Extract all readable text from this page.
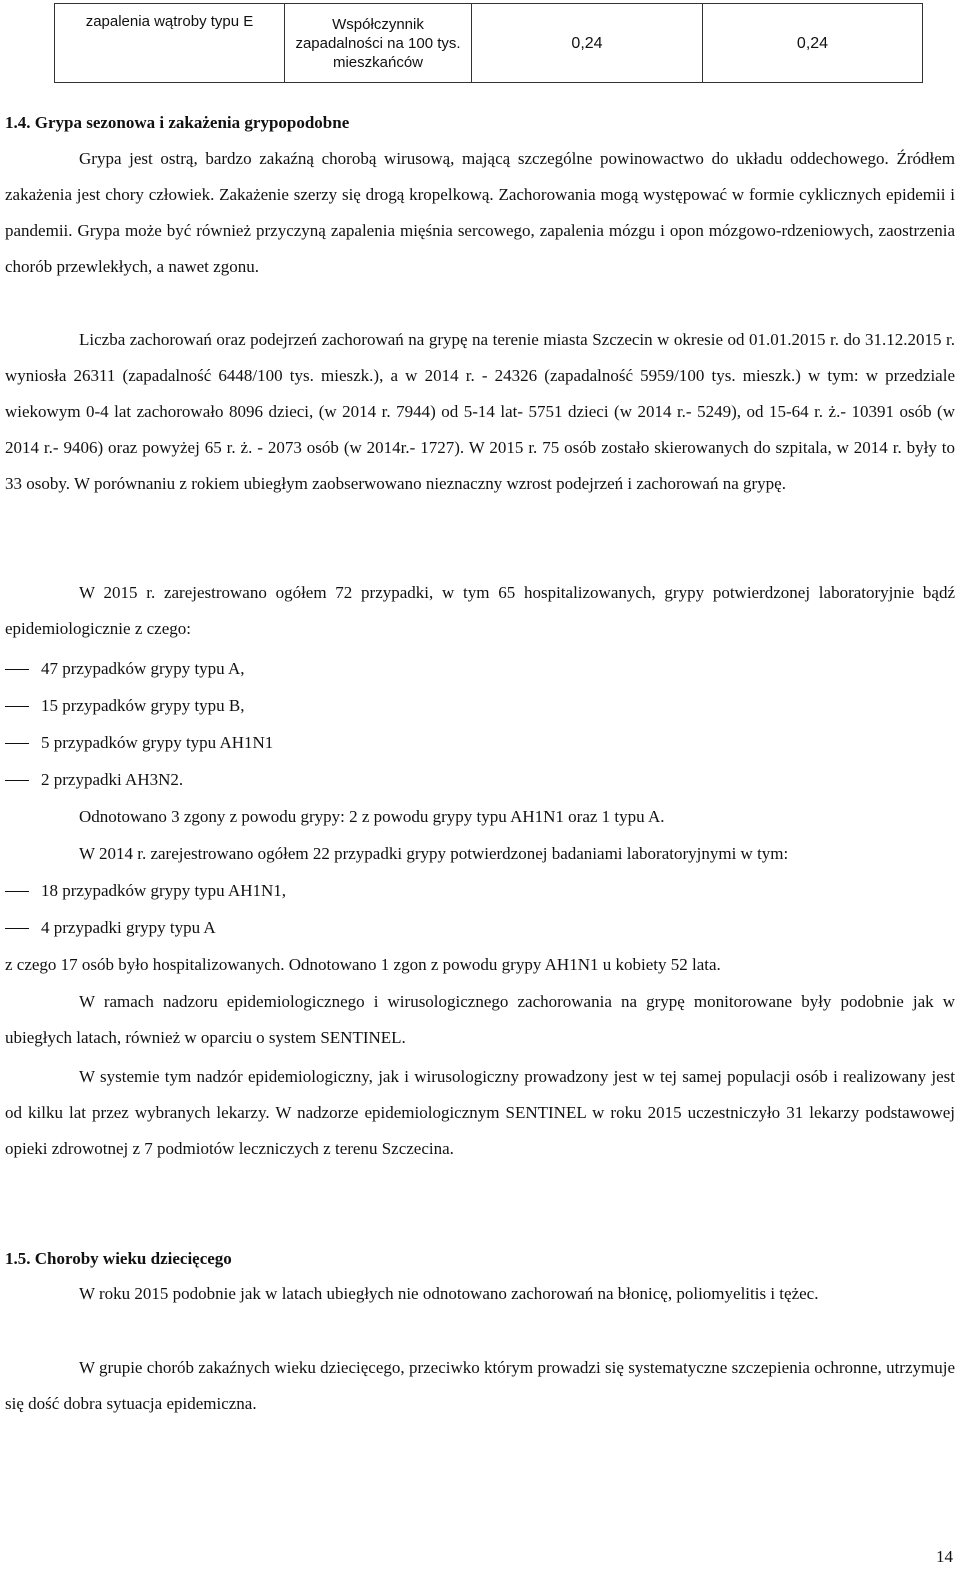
zapalenia wątroby typu E	Współczynnik
zapadalności na 100 tys.
mieszkańców	0,24	0,24
1.4. Grypa sezonowa i zakażenia grypopodobne

Grypa jest ostrą, bardzo zakaźną chorobą wirusową, mającą szczególne powinowactwo do układu oddechowego. Źródłem zakażenia jest chory człowiek. Zakażenie szerzy się drogą kropelkową. Zachorowania mogą występować w formie cyklicznych epidemii i pandemii. Grypa może być również przyczyną zapalenia mięśnia sercowego, zapalenia mózgu i opon mózgowo-rdzeniowych, zaostrzenia chorób przewlekłych, a nawet zgonu.

Liczba zachorowań oraz podejrzeń zachorowań na grypę na terenie miasta Szczecin w okresie od 01.01.2015 r. do 31.12.2015 r. wyniosła 26311 (zapadalność 6448/100 tys. mieszk.), a w 2014 r. - 24326 (zapadalność 5959/100 tys. mieszk.) w tym: w przedziale wiekowym 0-4 lat zachorowało 8096 dzieci, (w 2014 r. 7944) od 5-14 lat- 5751 dzieci (w 2014 r.- 5249), od 15-64 r. ż.- 10391 osób (w 2014 r.- 9406) oraz powyżej 65 r. ż. - 2073 osób (w 2014r.- 1727). W 2015 r. 75 osób zostało skierowanych do szpitala, w 2014 r. były to 33 osoby. W porównaniu z rokiem ubiegłym zaobserwowano nieznaczny wzrost podejrzeń i zachorowań na grypę.

W 2015 r. zarejestrowano ogółem 72 przypadki, w tym 65 hospitalizowanych, grypy potwierdzonej laboratoryjnie bądź epidemiologicznie z czego:

47 przypadków grypy typu A,
15 przypadków grypy typu B,
5 przypadków grypy typu AH1N1
2 przypadki AH3N2.
Odnotowano 3 zgony z powodu grypy: 2 z powodu grypy typu AH1N1 oraz 1 typu A.
W 2014 r. zarejestrowano ogółem 22 przypadki grypy potwierdzonej badaniami laboratoryjnymi w tym:
18 przypadków grypy typu AH1N1,
4 przypadki grypy typu A
z czego 17 osób było hospitalizowanych. Odnotowano 1 zgon z powodu grypy AH1N1 u kobiety 52 lata.

W ramach nadzoru epidemiologicznego i wirusologicznego zachorowania na grypę monitorowane były podobnie jak w ubiegłych latach, również w oparciu o system SENTINEL.

W systemie tym nadzór epidemiologiczny, jak i wirusologiczny prowadzony jest w tej samej populacji osób i realizowany jest od kilku lat przez wybranych lekarzy. W nadzorze epidemiologicznym SENTINEL w roku 2015 uczestniczyło 31 lekarzy podstawowej opieki zdrowotnej z 7 podmiotów leczniczych z terenu Szczecina.

1.5. Choroby wieku dziecięcego

W roku 2015 podobnie jak w latach ubiegłych nie odnotowano zachorowań na błonicę, poliomyelitis i tężec.

W grupie chorób zakaźnych wieku dziecięcego, przeciwko którym prowadzi się systematyczne szczepienia ochronne, utrzymuje się dość dobra sytuacja epidemiczna.

14
